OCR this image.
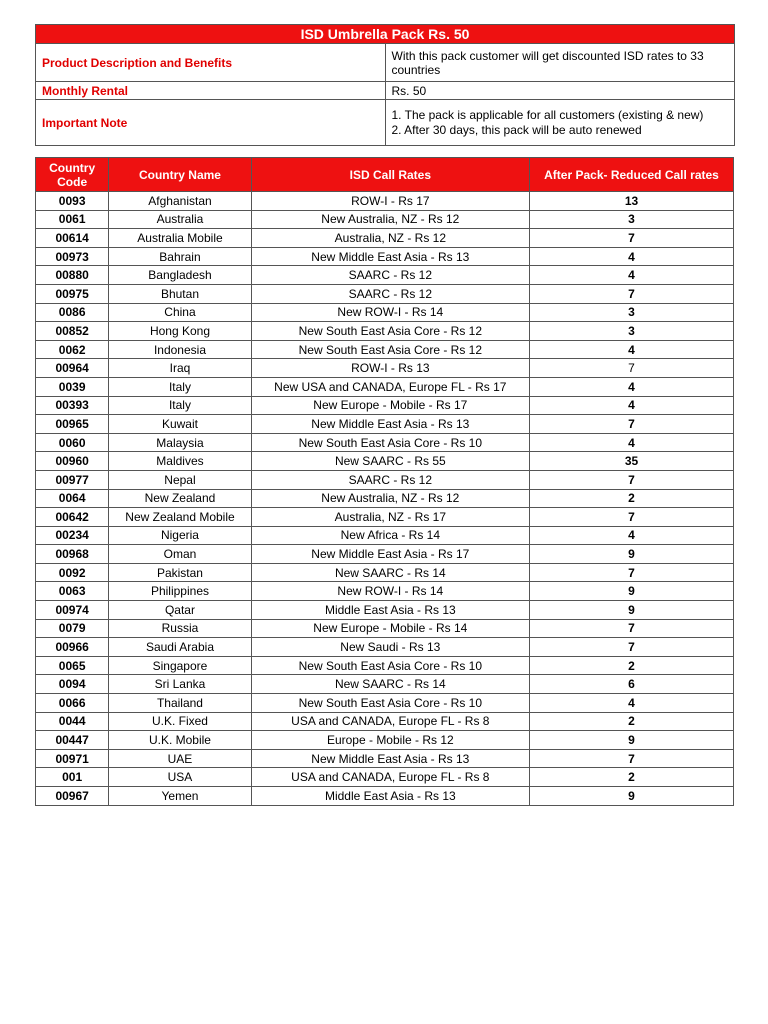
ISD Umbrella Pack Rs. 50	
Product Description and Benefits	With this pack customer will get discounted ISD rates to 33 countries
Monthly Rental	Rs. 50
Important Note	1. The pack is applicable for all customers (existing & new)
2. After 30 days, this pack will be auto renewed
Country Code	Country Name	ISD Call Rates	After Pack- Reduced Call rates
0093	Afghanistan	ROW-I - Rs 17	13
0061	Australia	New Australia, NZ - Rs 12	3
00614	Australia Mobile	Australia, NZ - Rs 12	7
00973	Bahrain	New Middle East Asia - Rs 13	4
00880	Bangladesh	SAARC - Rs 12	4
00975	Bhutan	SAARC - Rs 12	7
0086	China	New ROW-I - Rs 14	3
00852	Hong Kong	New South East Asia Core - Rs 12	3
0062	Indonesia	New South East Asia Core - Rs 12	4
00964	Iraq	ROW-I - Rs 13	7
0039	Italy	New USA and CANADA, Europe FL - Rs 17	4
00393	Italy	New Europe - Mobile - Rs 17	4
00965	Kuwait	New Middle East Asia - Rs 13	7
0060	Malaysia	New South East Asia Core - Rs 10	4
00960	Maldives	New SAARC - Rs 55	35
00977	Nepal	SAARC - Rs 12	7
0064	New Zealand	New Australia, NZ - Rs 12	2
00642	New Zealand Mobile	Australia, NZ - Rs 17	7
00234	Nigeria	New Africa - Rs 14	4
00968	Oman	New Middle East Asia - Rs 17	9
0092	Pakistan	New SAARC - Rs 14	7
0063	Philippines	New ROW-I - Rs 14	9
00974	Qatar	Middle East Asia - Rs 13	9
0079	Russia	New Europe - Mobile - Rs 14	7
00966	Saudi Arabia	New Saudi - Rs 13	7
0065	Singapore	New South East Asia Core - Rs 10	2
0094	Sri Lanka	New SAARC - Rs 14	6
0066	Thailand	New South East Asia Core - Rs 10	4
0044	U.K. Fixed	USA and CANADA, Europe FL - Rs 8	2
00447	U.K. Mobile	Europe - Mobile - Rs 12	9
00971	UAE	New Middle East Asia - Rs 13	7
001	USA	USA and CANADA, Europe FL - Rs 8	2
00967	Yemen	Middle East Asia - Rs 13	9
